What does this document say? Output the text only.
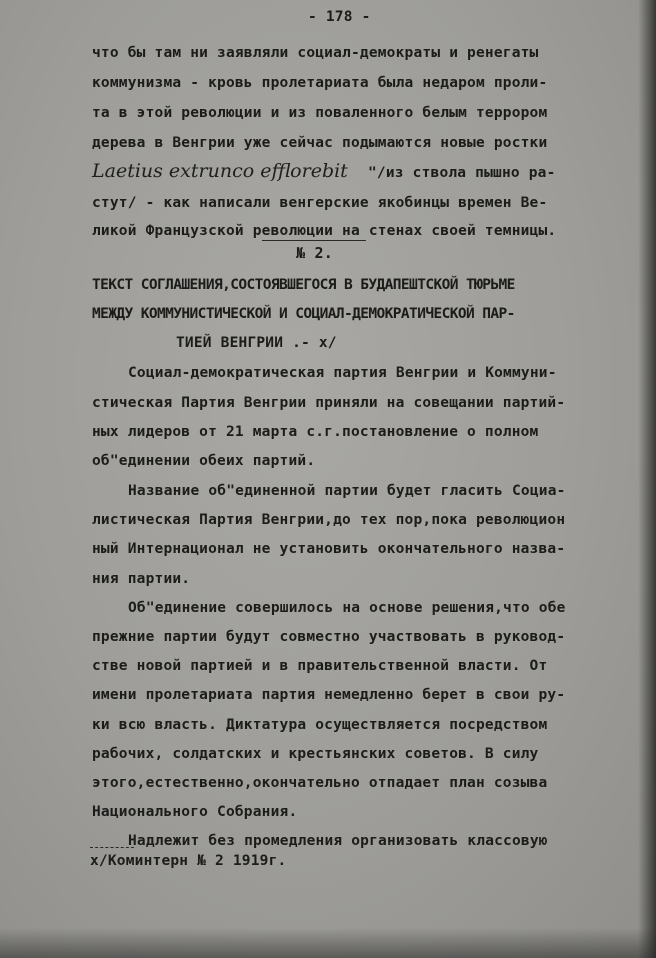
- 178 -
что бы там ни заявляли социал-демократы и ренегаты
коммунизма - кровь пролетариата была недаром проли-
та в этой революции и из поваленного белым террором
дерева в Венгрии уже сейчас подымаются новые ростки
Laetius extrunco efflorebit "/из ствола пышно ра-
стут/ - как написали венгерские якобинцы времен Ве-
ликой Французской революции на стенах своей темницы.
№ 2.
ТЕКСТ СОГЛАШЕНИЯ,СОСТОЯВШЕГОСЯ В БУДАПЕШТСКОЙ ТЮРЬМЕ
МЕЖДУ КОММУНИСТИЧЕСКОЙ И СОЦИАЛ-ДЕМОКРАТИЧЕСКОЙ ПАР-
ТИЕЙ ВЕНГРИИ .- x/
Социал-демократическая партия Венгрии и Коммуни-
стическая Партия Венгрии приняли на совещании партий-
ных лидеров от 21 марта с.г.постановление о полном
об"единении обеих партий.
Название об"единенной партии будет гласить Социа-
листическая Партия Венгрии,до тех пор,пока революцион
ный Интернационал не установить окончательного назва-
ния партии.
Об"единение совершилось на основе решения,что обе
прежние партии будут совместно участвовать в руковод-
стве новой партией и в правительственной власти. От
имени пролетариата партия немедленно берет в свои ру-
ки всю власть. Диктатура осуществляется посредством
рабочих, солдатских и крестьянских советов. В силу
этого,естественно,окончательно отпадает план созыва
Национального Собрания.
Надлежит без промедления организовать классовую
x/Коминтерн № 2 1919г.
